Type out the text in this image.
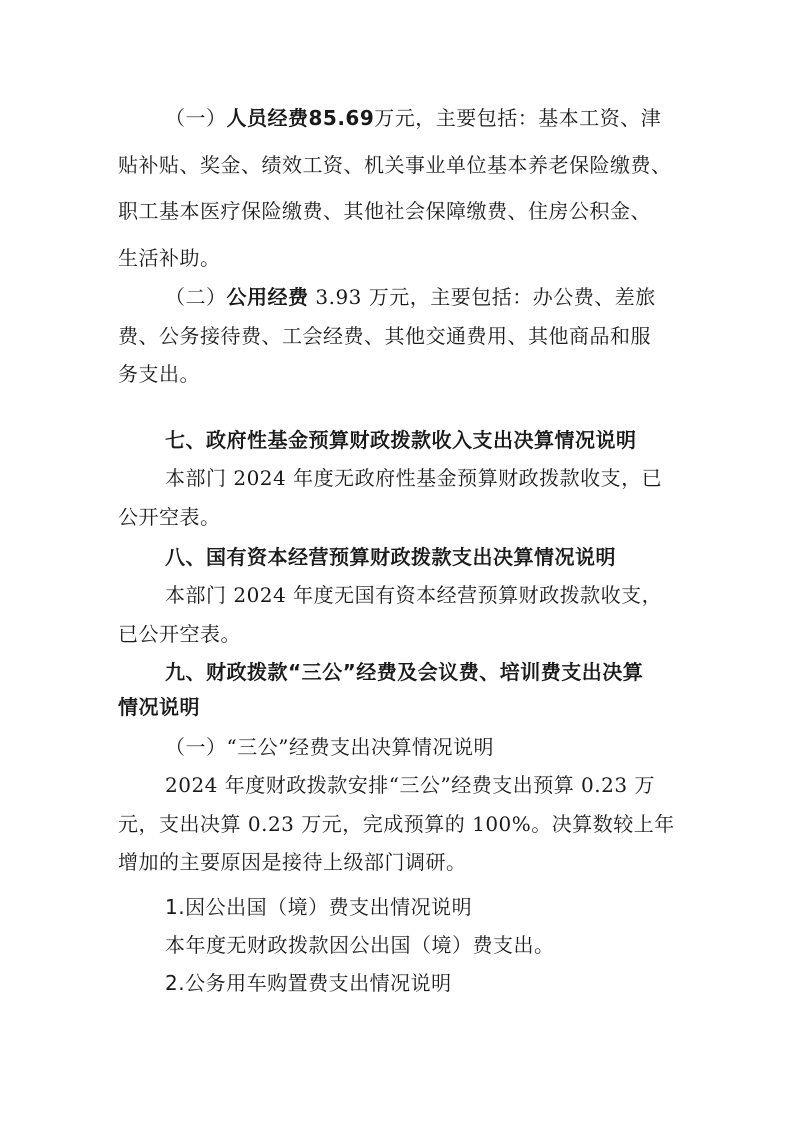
（一）人员经费85.69万元，主要包括：基本工资、津
贴补贴、奖金、绩效工资、机关事业单位基本养老保险缴费、
职工基本医疗保险缴费、其他社会保障缴费、住房公积金、
生活补助。
（二）公用经费 3.93 万元，主要包括：办公费、差旅
费、公务接待费、工会经费、其他交通费用、其他商品和服
务支出。
七、政府性基金预算财政拨款收入支出决算情况说明
本部门 2024 年度无政府性基金预算财政拨款收支，已
公开空表。
八、国有资本经营预算财政拨款支出决算情况说明
本部门 2024 年度无国有资本经营预算财政拨款收支，
已公开空表。
九、财政拨款“三公”经费及会议费、培训费支出决算
情况说明
（一）“三公”经费支出决算情况说明
2024 年度财政拨款安排“三公”经费支出预算 0.23 万
元，支出决算 0.23 万元，完成预算的 100%。决算数较上年
增加的主要原因是接待上级部门调研。
1.因公出国（境）费支出情况说明
本年度无财政拨款因公出国（境）费支出。
2.公务用车购置费支出情况说明
